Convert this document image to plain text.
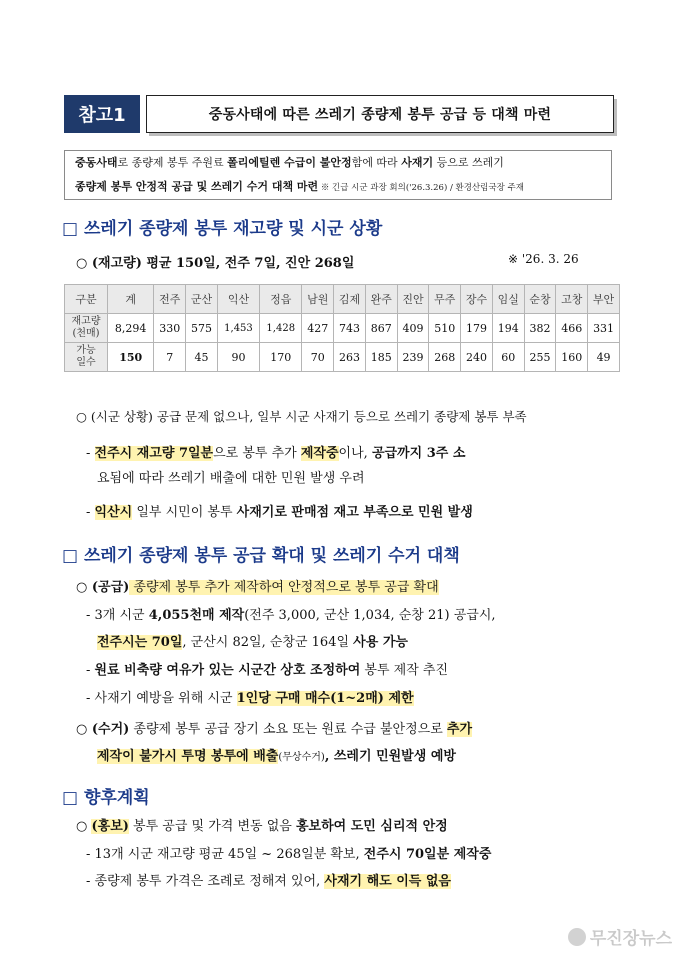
참고1	중동사태에 따른 쓰레기 종량제 봉투 공급 등 대책 마련
중동사태로 종량제 봉투 주원료 폴리에틸렌 수급이 불안정함에 따라 사재기 등으로 쓰레기
종량제 봉투 안정적 공급 및 쓰레기 수거 대책 마련 ※ 긴급 시군 과장 회의('26.3.26) / 환경산림국장 주재
□ 쓰레기 종량제 봉투 재고량 및 시군 상황
○ (재고량) 평균 150일, 전주 7일, 진안 268일	※ '26. 3. 26
구분	계	전주	군산	익산	정읍	남원	김제	완주	진안	무주	장수	임실	순창	고창	부안

재고량
(천매)	8,294	330	575	1,453	1,428	427	743	867	409	510	179	194	382	466	331

가능
일수	150	7	45	90	170	70	263	185	239	268	240	60	255	160	49
○ (시군 상황) 공급 문제 없으나, 일부 시군 사재기 등으로 쓰레기 종량제 봉투 부족
- 전주시 재고량 7일분으로 봉투 추가 제작중이나, 공급까지 3주 소
요됨에 따라 쓰레기 배출에 대한 민원 발생 우려
- 익산시 일부 시민이 봉투 사재기로 판매점 재고 부족으로 민원 발생
□ 쓰레기 종량제 봉투 공급 확대 및 쓰레기 수거 대책
○ (공급) 종량제 봉투 추가 제작하여 안정적으로 봉투 공급 확대
- 3개 시군 4,055천매 제작(전주 3,000, 군산 1,034, 순창 21) 공급시,
전주시는 70일, 군산시 82일, 순창군 164일 사용 가능
- 원료 비축량 여유가 있는 시군간 상호 조정하여 봉투 제작 추진
- 사재기 예방을 위해 시군 1인당 구매 매수(1~2매) 제한
○ (수거) 종량제 봉투 공급 장기 소요 또는 원료 수급 불안정으로 추가
제작이 불가시 투명 봉투에 배출(무상수거), 쓰레기 민원발생 예방
□ 향후계획
○ (홍보) 봉투 공급 및 가격 변동 없음 홍보하여 도민 심리적 안정
- 13개 시군 재고량 평균 45일 ~ 268일분 확보, 전주시 70일분 제작중
- 종량제 봉투 가격은 조례로 정해져 있어, 사재기 해도 이득 없음
무진장뉴스
